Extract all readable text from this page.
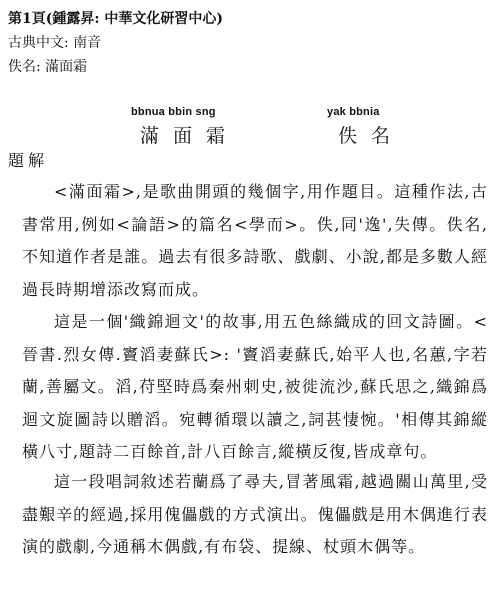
第1頁(鍾露昇: 中華文化研習中心)
古典中文: 南音
佚名: 滿面霜
bbnua bbin sng	yak bbnia
滿面霜	佚名
題解
<滿面霜>,是歌曲開頭的幾個字,用作題目。這種作法,古書常用,例如<論語>的篇名<學而>。佚,同'逸',失傳。佚名,不知道作者是誰。過去有很多詩歌、戲劇、小說,都是多數人經過長時期增添改寫而成。
這是一個'織錦迴文'的故事,用五色絲織成的回文詩圖。<晉書.烈女傳.竇滔妻蘇氏>: '竇滔妻蘇氏,始平人也,名蕙,字若蘭,善屬文。滔,苻堅時爲秦州刺史,被徙流沙,蘇氏思之,織錦爲迴文旋圖詩以贈滔。宛轉循環以讀之,詞甚悽惋。'相傳其錦縱橫八寸,題詩二百餘首,計八百餘言,縱橫反復,皆成章句。
這一段唱詞敘述若蘭爲了尋夫,冒著風霜,越過關山萬里,受盡艱辛的經過,採用傀儡戲的方式演出。傀儡戲是用木偶進行表演的戲劇,今通稱木偶戲,有布袋、提線、杖頭木偶等。
